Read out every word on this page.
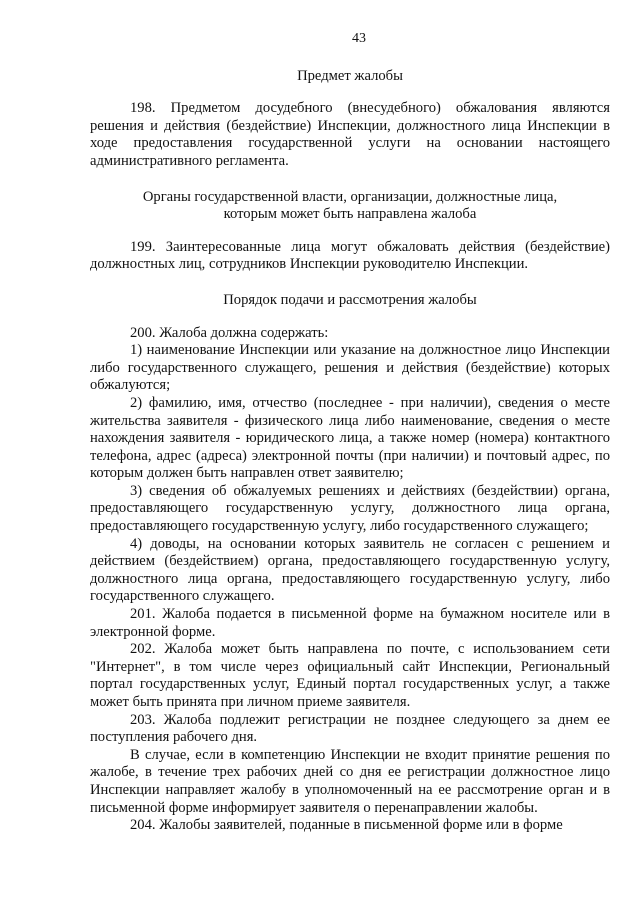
43
Предмет жалобы

198. Предметом досудебного (внесудебного) обжалования являются решения и действия (бездействие) Инспекции, должностного лица Инспекции в ходе предоставления государственной услуги на основании настоящего административного регламента.

Органы государственной власти, организации, должностные лица,
которым может быть направлена жалоба

199. Заинтересованные лица могут обжаловать действия (бездействие) должностных лиц, сотрудников Инспекции руководителю Инспекции.

Порядок подачи и рассмотрения жалобы

200. Жалоба должна содержать:

1) наименование Инспекции или указание на должностное лицо Инспекции либо государственного служащего, решения и действия (бездействие) которых обжалуются;

2) фамилию, имя, отчество (последнее - при наличии), сведения о месте жительства заявителя - физического лица либо наименование, сведения о месте нахождения заявителя - юридического лица, а также номер (номера) контактного телефона, адрес (адреса) электронной почты (при наличии) и почтовый адрес, по которым должен быть направлен ответ заявителю;

3) сведения об обжалуемых решениях и действиях (бездействии) органа, предоставляющего государственную услугу, должностного лица органа, предоставляющего государственную услугу, либо государственного служащего;

4) доводы, на основании которых заявитель не согласен с решением и действием (бездействием) органа, предоставляющего государственную услугу, должностного лица органа, предоставляющего государственную услугу, либо государственного служащего.

201. Жалоба подается в письменной форме на бумажном носителе или в электронной форме.

202. Жалоба может быть направлена по почте, с использованием сети "Интернет", в том числе через официальный сайт Инспекции, Региональный портал государственных услуг, Единый портал государственных услуг, а также может быть принята при личном приеме заявителя.

203. Жалоба подлежит регистрации не позднее следующего за днем ее поступления рабочего дня.

В случае, если в компетенцию Инспекции не входит принятие решения по жалобе, в течение трех рабочих дней со дня ее регистрации должностное лицо Инспекции направляет жалобу в уполномоченный на ее рассмотрение орган и в письменной форме информирует заявителя о перенаправлении жалобы.

204. Жалобы заявителей, поданные в письменной форме или в форме
